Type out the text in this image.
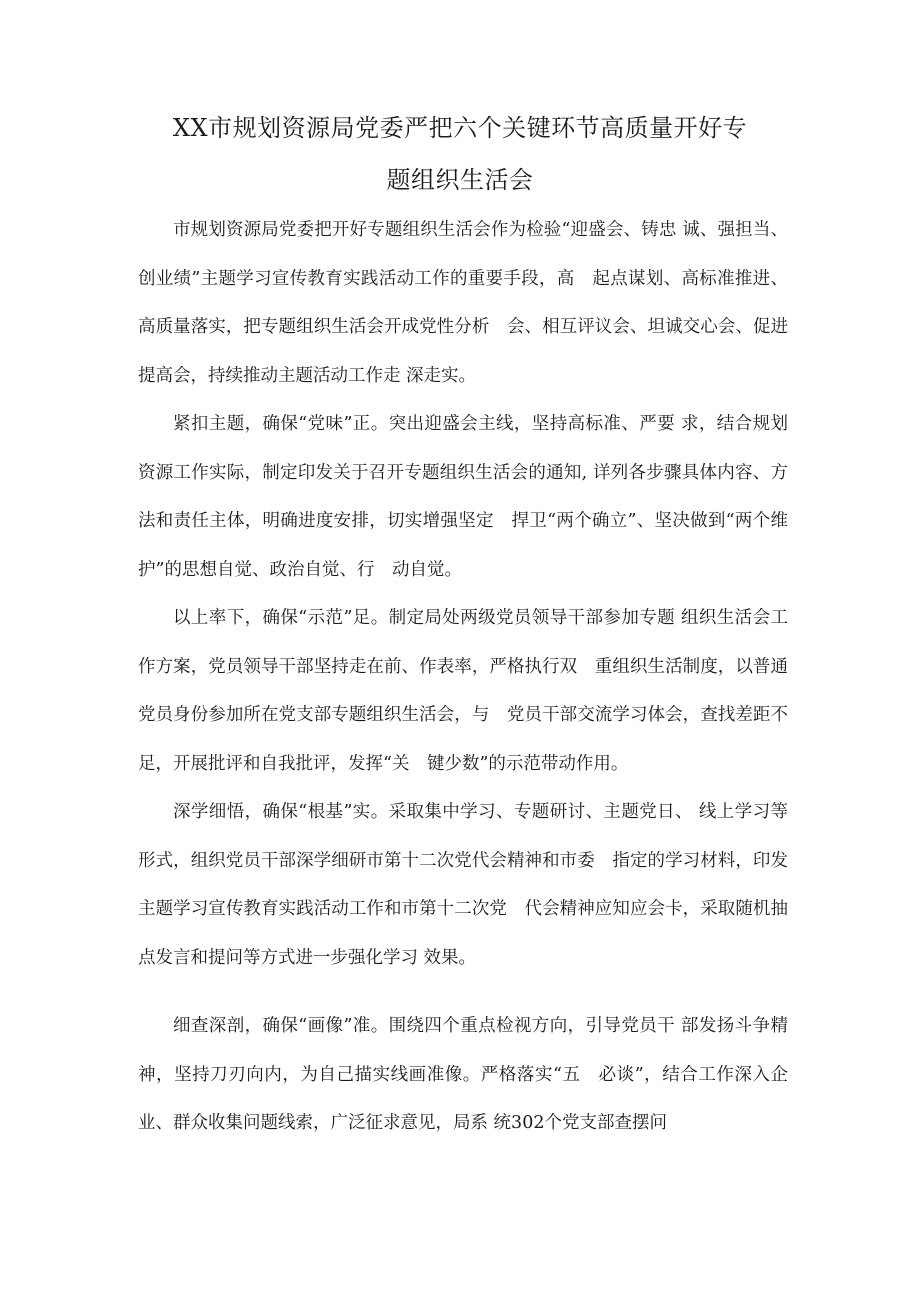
XX市规划资源局党委严把六个关键环节高质量开好专
题组织生活会

市规划资源局党委把开好专题组织生活会作为检验“迎盛会、铸忠 诚、强担当、创业绩”主题学习宣传教育实践活动工作的重要手段，高　起点谋划、高标准推进、高质量落实，把专题组织生活会开成党性分析　会、相互评议会、坦诚交心会、促进提高会，持续推动主题活动工作走 深走实。

紧扣主题，确保“党味”正。突出迎盛会主线，坚持高标准、严要 求，结合规划资源工作实际，制定印发关于召开专题组织生活会的通知, 详列各步骤具体内容、方法和责任主体，明确进度安排，切实增强坚定　捍卫“两个确立”、坚决做到“两个维护”的思想自觉、政治自觉、行　动自觉。

以上率下，确保“示范”足。制定局处两级党员领导干部参加专题 组织生活会工作方案，党员领导干部坚持走在前、作表率，严格执行双　重组织生活制度，以普通党员身份参加所在党支部专题组织生活会，与　党员干部交流学习体会，查找差距不足，开展批评和自我批评，发挥“关　键少数”的示范带动作用。

深学细悟，确保“根基”实。采取集中学习、专题研讨、主题党日、 线上学习等形式，组织党员干部深学细研市第十二次党代会精神和市委　指定的学习材料，印发主题学习宣传教育实践活动工作和市第十二次党　代会精神应知应会卡，采取随机抽点发言和提问等方式进一步强化学习 效果。

细查深剖，确保“画像”准。围绕四个重点检视方向，引导党员干 部发扬斗争精神，坚持刀刃向内，为自己描实线画准像。严格落实“五　必谈”，结合工作深入企业、群众收集问题线索，广泛征求意见，局系 统302个党支部查摆问
